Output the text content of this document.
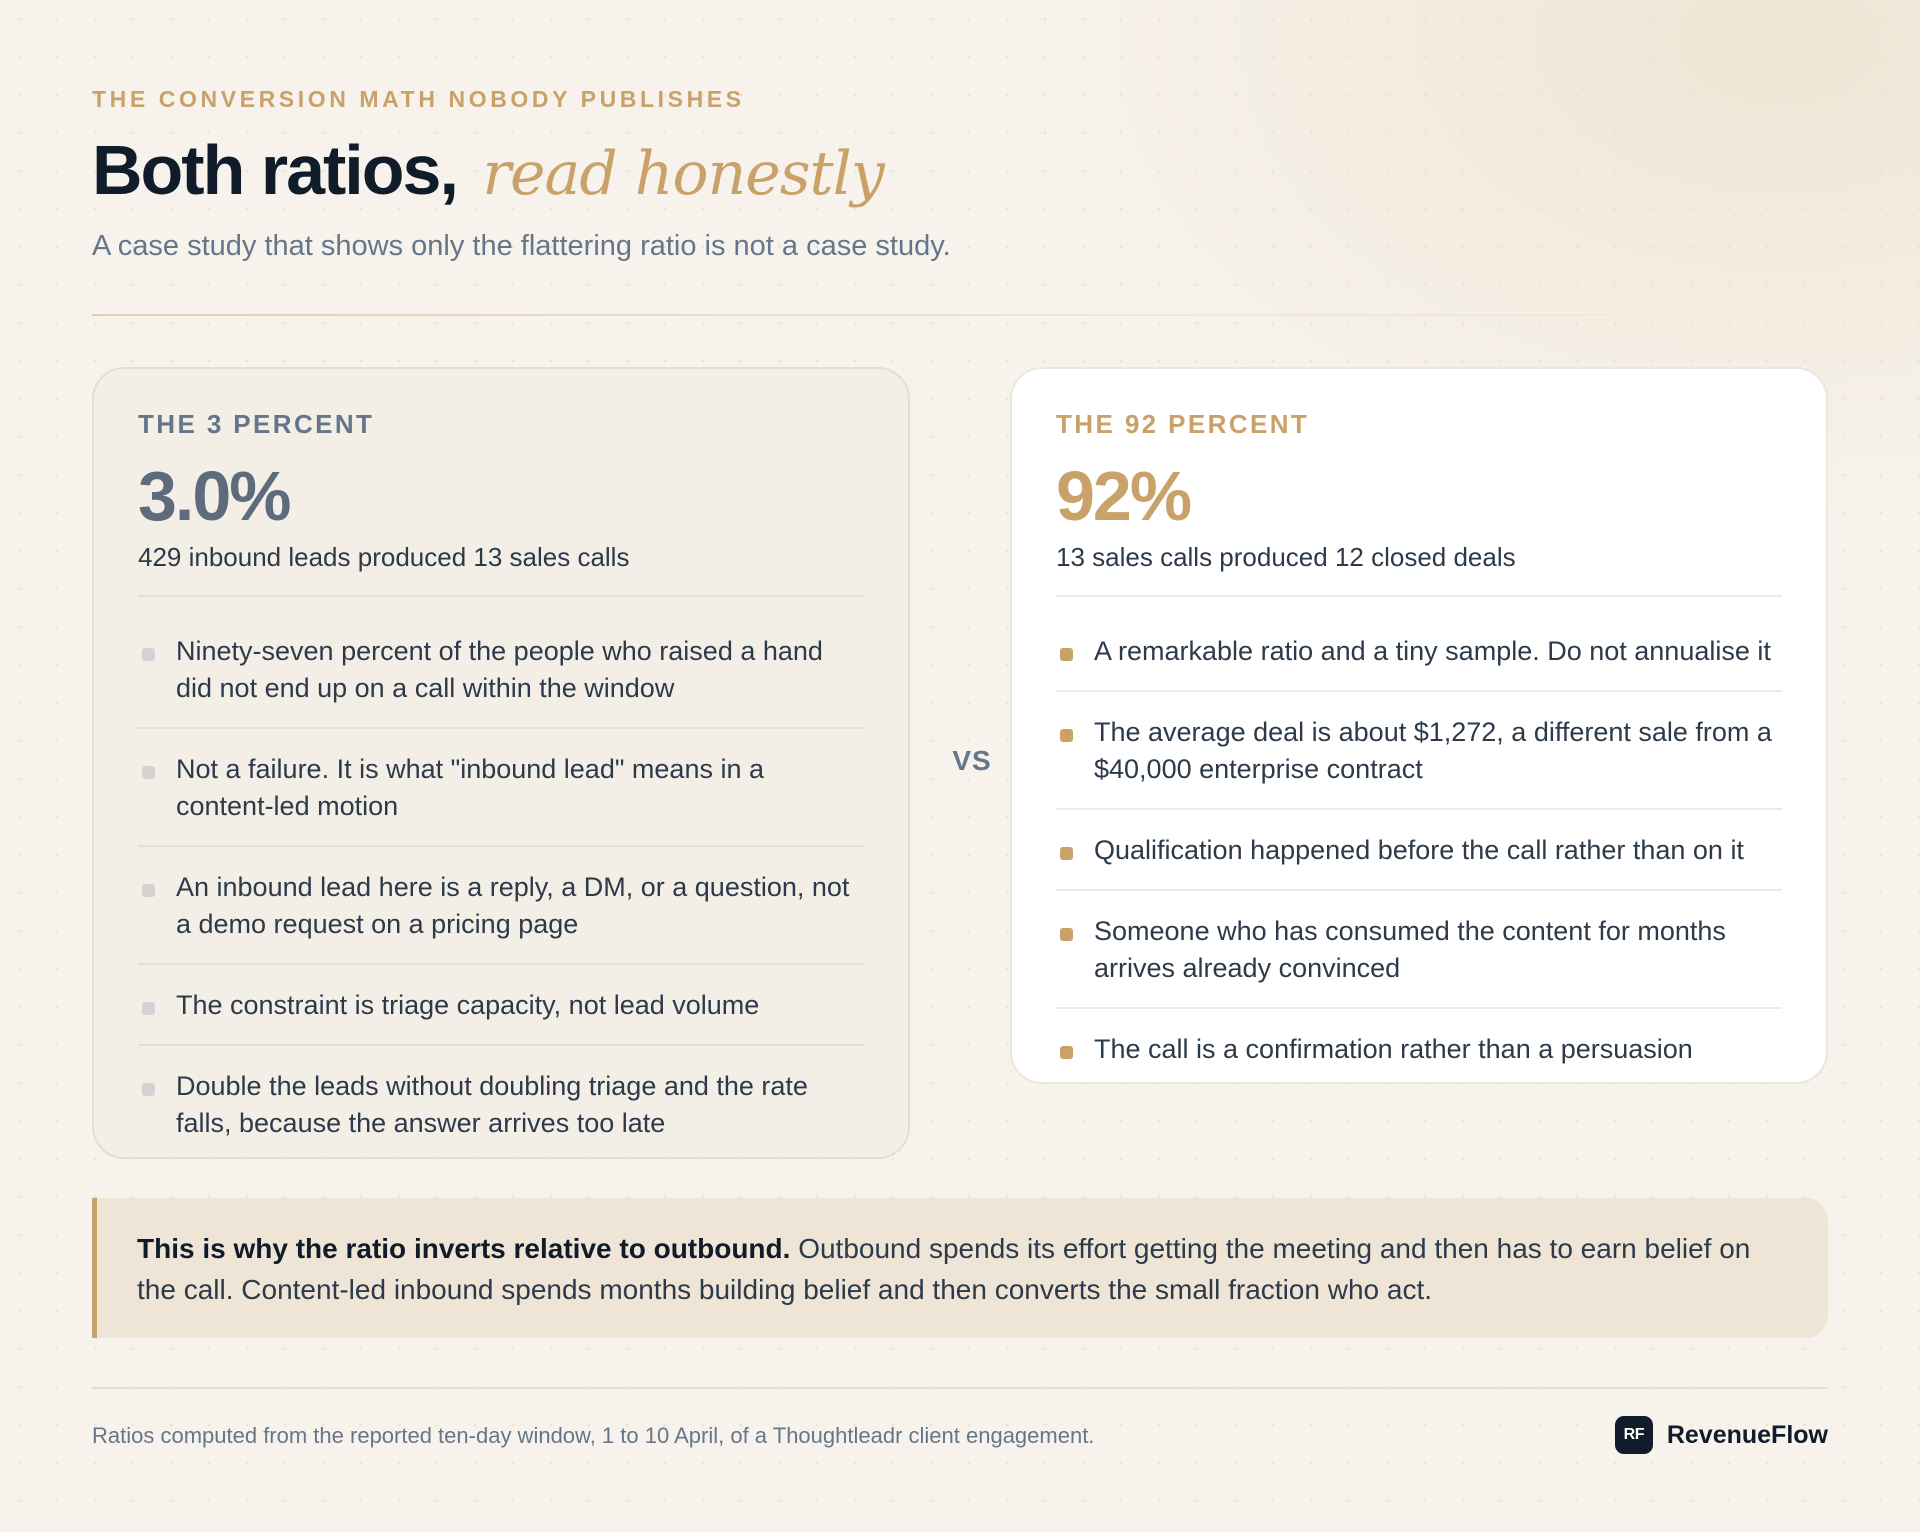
THE CONVERSION MATH NOBODY PUBLISHES
Both ratios, read honestly
A case study that shows only the flattering ratio is not a case study.
THE 3 PERCENT
3.0%
429 inbound leads produced 13 sales calls
Ninety-seven percent of the people who raised a hand did not end up on a call within the window
Not a failure. It is what "inbound lead" means in a content-led motion
An inbound lead here is a reply, a DM, or a question, not a demo request on a pricing page
The constraint is triage capacity, not lead volume
Double the leads without doubling triage and the rate falls, because the answer arrives too late
VS
THE 92 PERCENT
92%
13 sales calls produced 12 closed deals
A remarkable ratio and a tiny sample. Do not annualise it
The average deal is about $1,272, a different sale from a $40,000 enterprise contract
Qualification happened before the call rather than on it
Someone who has consumed the content for months arrives already convinced
The call is a confirmation rather than a persuasion
This is why the ratio inverts relative to outbound. Outbound spends its effort getting the meeting and then has to earn belief on the call. Content-led inbound spends months building belief and then converts the small fraction who act.
Ratios computed from the reported ten-day window, 1 to 10 April, of a Thoughtleadr client engagement.	RF RevenueFlow
